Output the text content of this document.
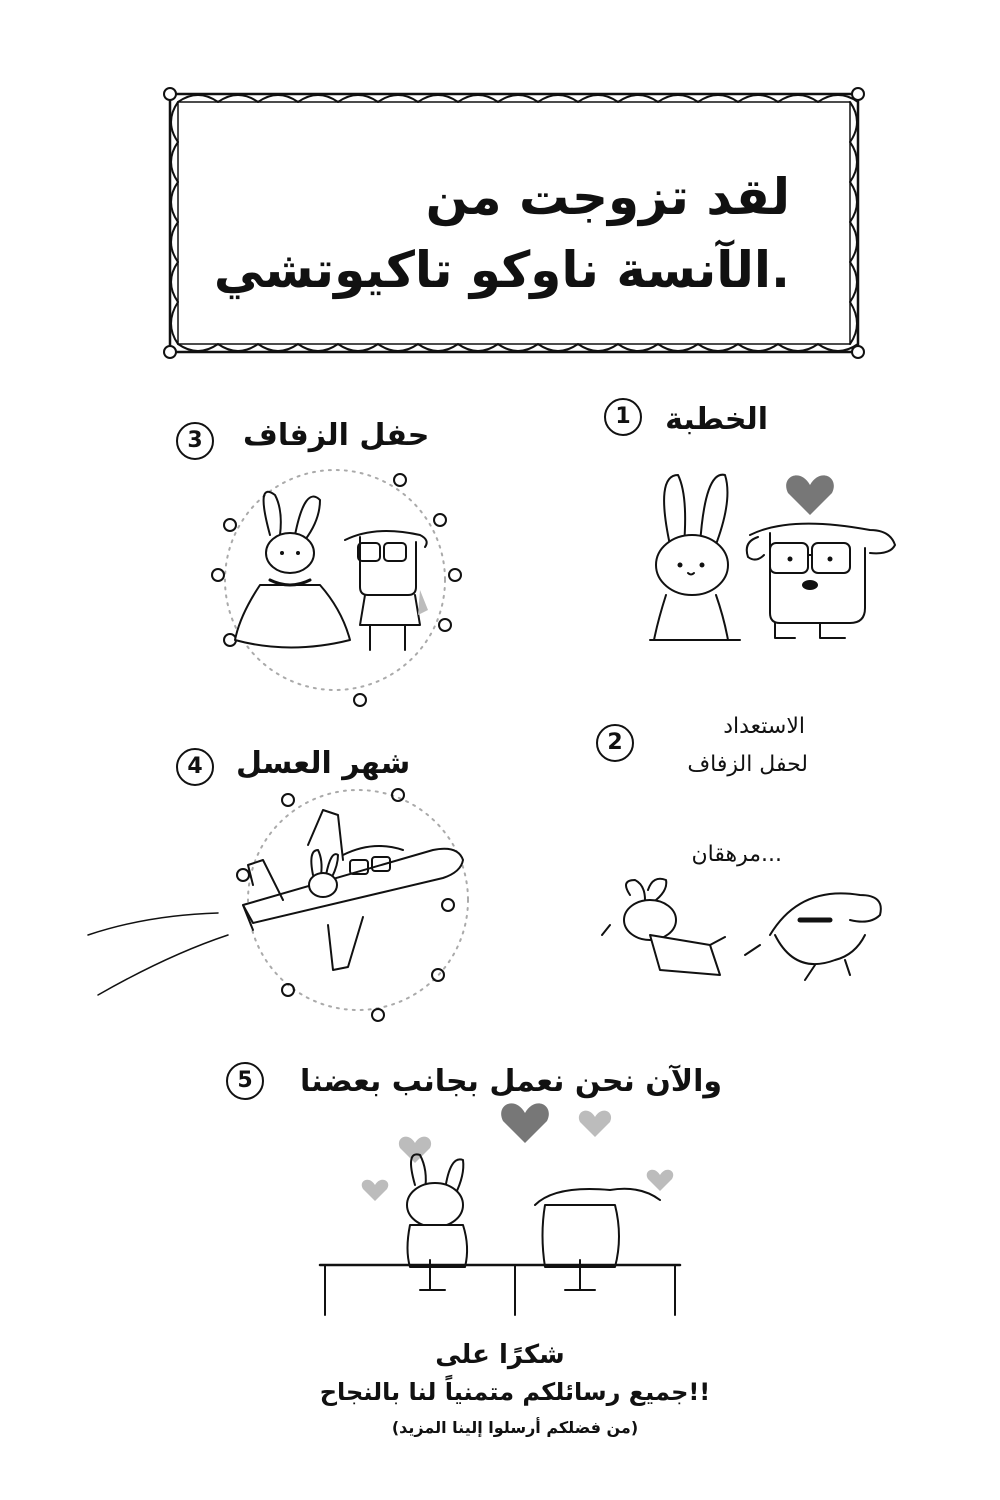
لقد تزوجت من
الآنسة ناوكو تاكيوتشي.
الخطبة
1
الاستعداد
لحفل الزفاف
2
مرهقان...
حفل الزفاف
3
شهر العسل
4
والآن نحن نعمل بجانب بعضنا
5
شكرًا على
جميع رسائلكم متمنياً لنا بالنجاح!!
(من فضلكم أرسلوا إلينا المزيد)
